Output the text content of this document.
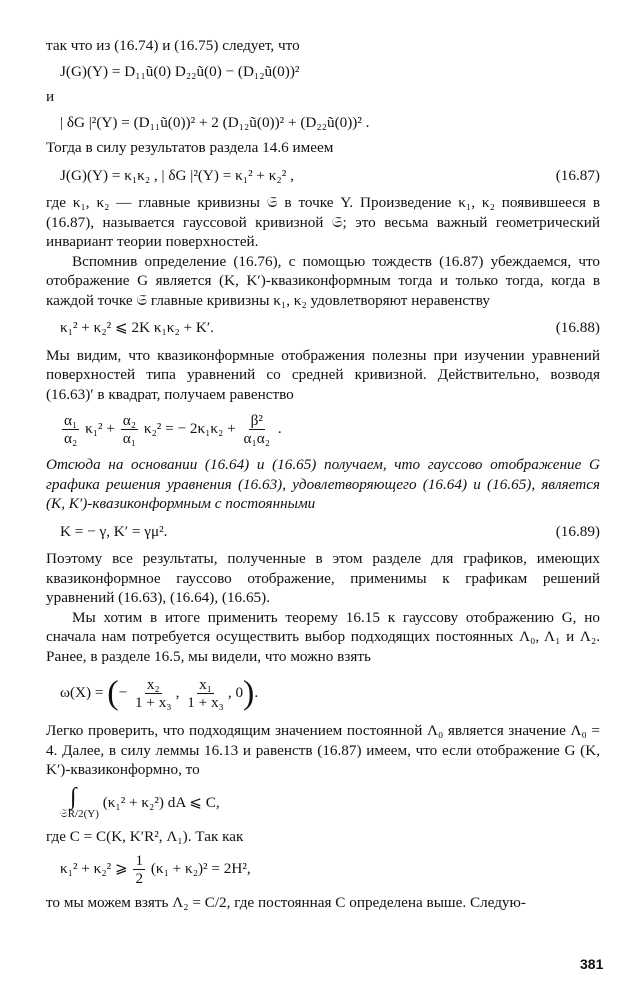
так что из (16.74) и (16.75) следует, что

J(G)(Y) = D₁₁ũ(0) D₂₂ũ(0) − (D₁₂ũ(0))²

и

| δG |²(Y) = (D₁₁ũ(0))² + 2 (D₁₂ũ(0))² + (D₂₂ũ(0))² .

Тогда в силу результатов раздела 14.6 имеем

J(G)(Y) = κ₁κ₂ , | δG |²(Y) = κ₁² + κ₂² ,	(16.87)

где κ₁, κ₂ — главные кривизны 𝔖 в точке Y. Произведение κ₁, κ₂ появившееся в (16.87), называется гауссовой кривизной 𝔖; это весьма важный геометрический инвариант теории поверхностей.

Вспомнив определение (16.76), с помощью тождеств (16.87) убеждаемся, что отображение G является (K, K′)-квазиконформным тогда и только тогда, когда в каждой точке 𝔖 главные кривизны κ₁, κ₂ удовлетворяют неравенству

κ₁² + κ₂² ⩽ 2K κ₁κ₂ + K′.	(16.88)

Мы видим, что квазиконформные отображения полезны при изучении уравнений поверхностей типа уравнений со средней кривизной. Действительно, возводя (16.63)′ в квадрат, получаем равенство

$\frac{\text{α₁}}{\text{α₂}} \kappa_1^2 + \frac{\text{α₂}}{\text{α₁}} \kappa_2^2$ = − $2\kappa_1\kappa_2 + \frac{\text{β²}}{\text{α₁α₂}}$ .

Отсюда на основании (16.64) и (16.65) получаем, что гауссово отображение G графика решения уравнения (16.63), удовлетворяющего (16.64) и (16.65), является (K, K′)-квазиконформным с постоянными

K = − γ, K′ = γμ².	(16.89)

Поэтому все результаты, полученные в этом разделе для графиков, имеющих квазиконформное гауссово отображение, применимы к графикам решений уравнений (16.63), (16.64), (16.65).

Мы хотим в итоге применить теорему 16.15 к гауссову отображению G, но сначала нам потребуется осуществить выбор подходящих постоянных Λ₀, Λ₁ и Λ₂. Ранее, в разделе 16.5, мы видели, что можно взять

ω(X) = (− $\frac{\text{x₂}}{\text{1 + x₃}}$ , $\frac{\text{x₁}}{\text{1 + x₃}}$ , 0).

Легко проверить, что подходящим значением постоянной Λ₀ является значение Λ₀ = 4. Далее, в силу леммы 16.13 и равенств (16.87) имеем, что если отображение G (K, K′)-квазиконформно, то

∫
𝔖R/2(Y)
(κ₁² + κ₂²) dA ⩽ C,

где C = C(K, K′R², Λ₁). Так как

κ₁² + κ₂² ⩾ $\frac{1}{2} (\kappa_1 + \kappa_2)^2 = 2H^2$,

то мы можем взять Λ₂ = C/2, где постоянная C определена выше. Следую-

381
